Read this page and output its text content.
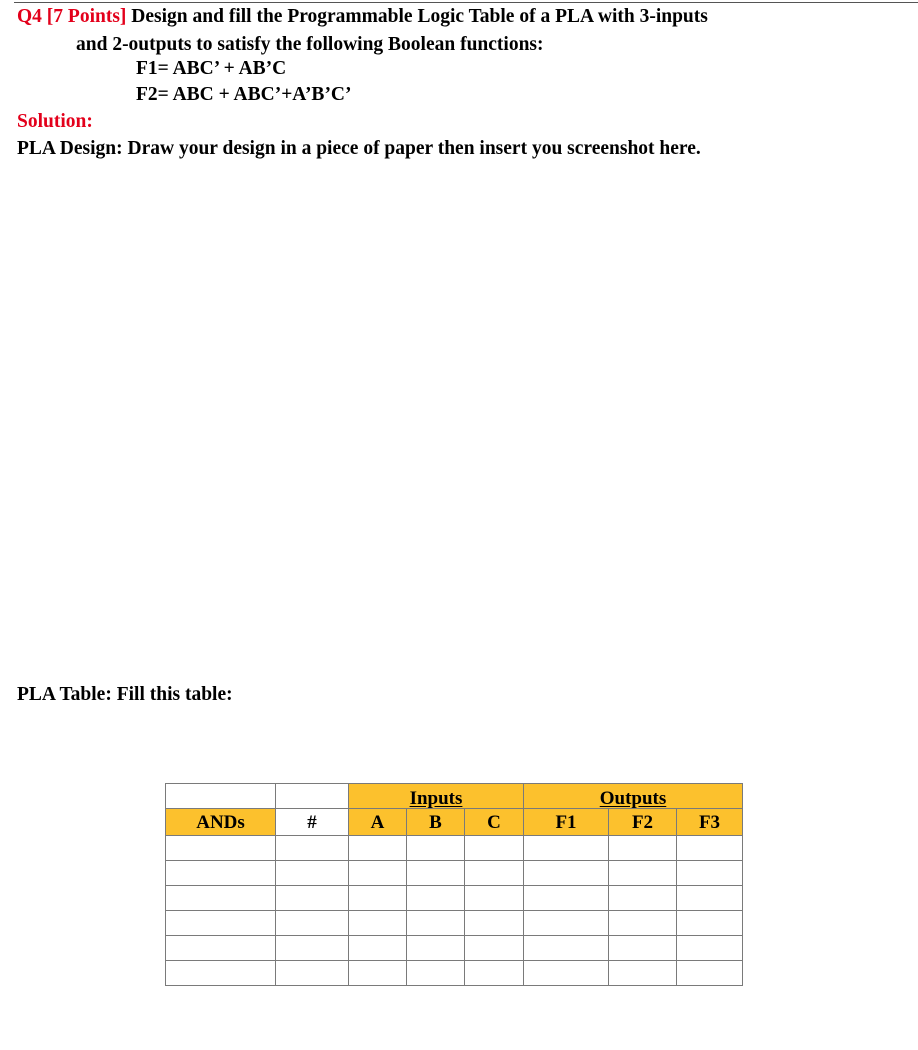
Q4 [7 Points] Design and fill the Programmable Logic Table of a PLA with 3-inputs
and 2-outputs to satisfy the following Boolean functions:
F1= ABC’ + AB’C
F2= ABC + ABC’+A’B’C’
Solution:
PLA Design: Draw your design in a piece of paper then insert you screenshot here.
PLA Table: Fill this table:
		Inputs			Outputs		
ANDs	#	A	B	C	F1	F2	F3
